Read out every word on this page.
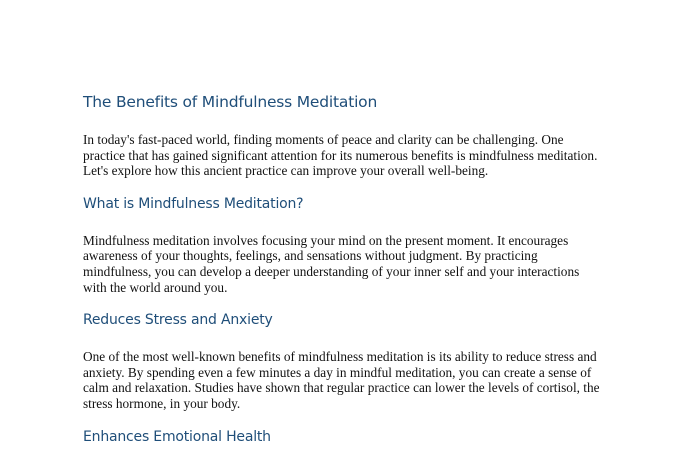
The Benefits of Mindfulness Meditation

In today's fast-paced world, finding moments of peace and clarity can be challenging. One practice that has gained significant attention for its numerous benefits is mindfulness meditation. Let's explore how this ancient practice can improve your overall well-being.

What is Mindfulness Meditation?

Mindfulness meditation involves focusing your mind on the present moment. It encourages awareness of your thoughts, feelings, and sensations without judgment. By practicing mindfulness, you can develop a deeper understanding of your inner self and your interactions with the world around you.

Reduces Stress and Anxiety

One of the most well-known benefits of mindfulness meditation is its ability to reduce stress and anxiety. By spending even a few minutes a day in mindful meditation, you can create a sense of calm and relaxation. Studies have shown that regular practice can lower the levels of cortisol, the stress hormone, in your body.

Enhances Emotional Health
